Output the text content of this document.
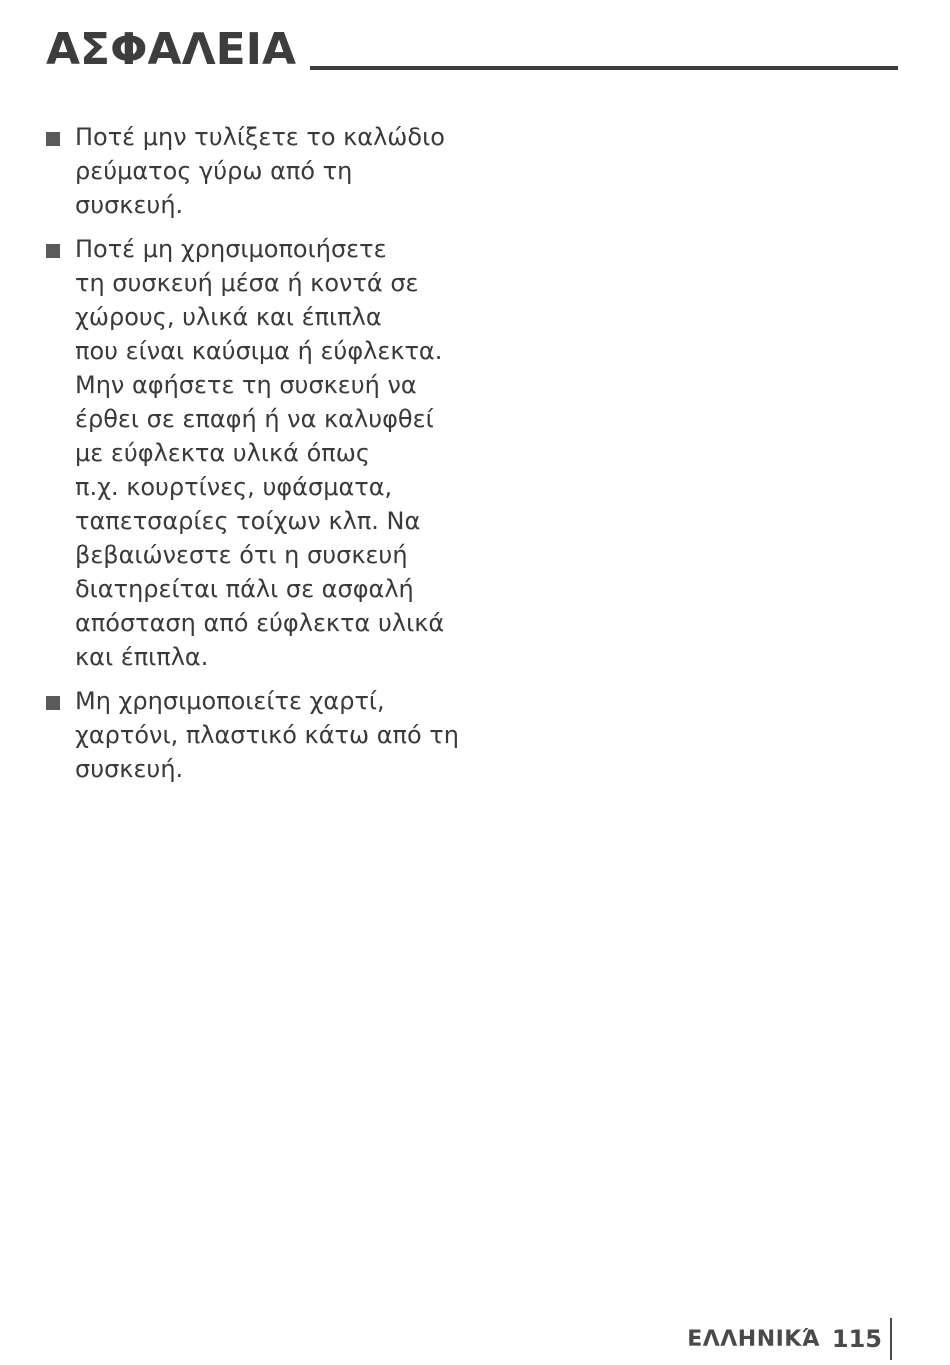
ΑΣΦΑΛΕΙΑ
Ποτέ μην τυλίξετε το καλώδιο
ρεύματος γύρω από τη συσκευή.
Ποτέ μη χρησιμοποιήσετε
τη συσκευή μέσα ή κοντά σε
χώρους, υλικά και έπιπλα
που είναι καύσιμα ή εύφλεκτα.
Μην αφήσετε τη συσκευή να
έρθει σε επαφή ή να καλυφθεί
με εύφλεκτα υλικά όπως
π.χ. κουρτίνες, υφάσματα,
ταπετσαρίες τοίχων κλπ. Να
βεβαιώνεστε ότι η συσκευή
διατηρείται πάλι σε ασφαλή
απόσταση από εύφλεκτα υλικά
και έπιπλα.
Μη χρησιμοποιείτε χαρτί,
χαρτόνι, πλαστικό κάτω από τη
συσκευή.
ΕΛΛΗΝΙΚΆ 115
